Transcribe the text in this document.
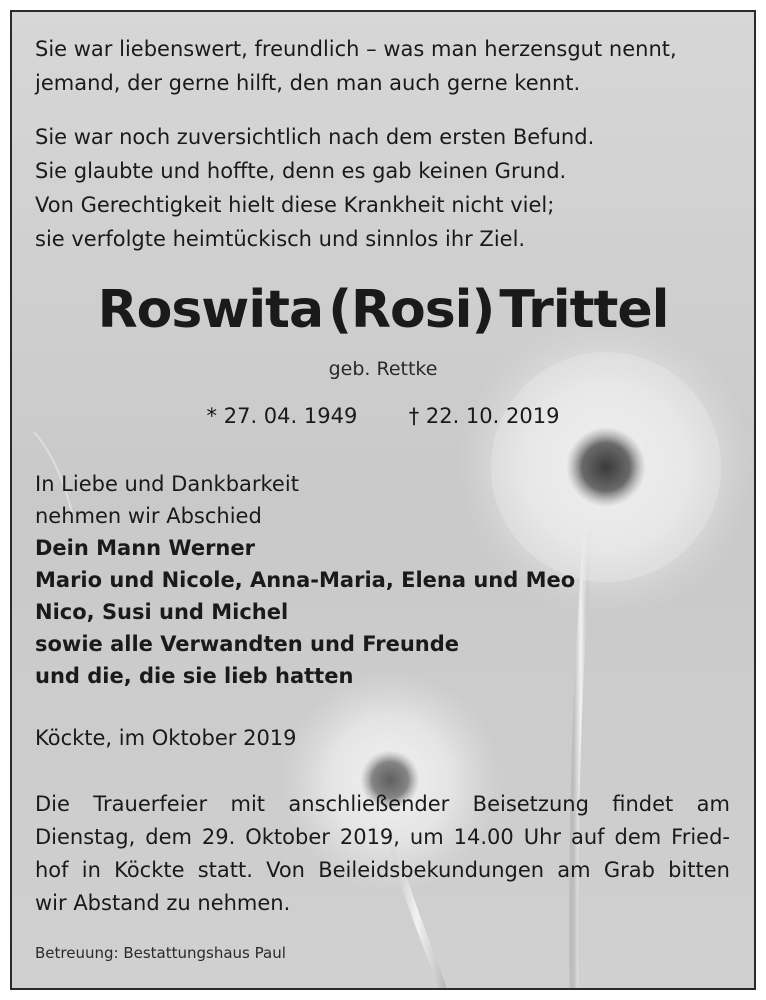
Sie war liebenswert, freundlich – was man herzensgut nennt,
jemand, der gerne hilft, den man auch gerne kennt.
Sie war noch zuversichtlich nach dem ersten Befund.
Sie glaubte und hoffte, denn es gab keinen Grund.
Von Gerechtigkeit hielt diese Krankheit nicht viel;
sie verfolgte heimtückisch und sinnlos ihr Ziel.
Roswita (Rosi) Trittel
geb. Rettke
* 27. 04. 1949 † 22. 10. 2019
In Liebe und Dankbarkeit
nehmen wir Abschied
Dein Mann Werner
Mario und Nicole, Anna-Maria, Elena und Meo
Nico, Susi und Michel
sowie alle Verwandten und Freunde
und die, die sie lieb hatten
Köckte, im Oktober 2019
Die Trauerfeier mit anschließender Beisetzung findet am
Dienstag, dem 29. Oktober 2019, um 14.00 Uhr auf dem Fried-
hof in Köckte statt. Von Beileidsbekundungen am Grab bitten
wir Abstand zu nehmen.
Betreuung: Bestattungshaus Paul
